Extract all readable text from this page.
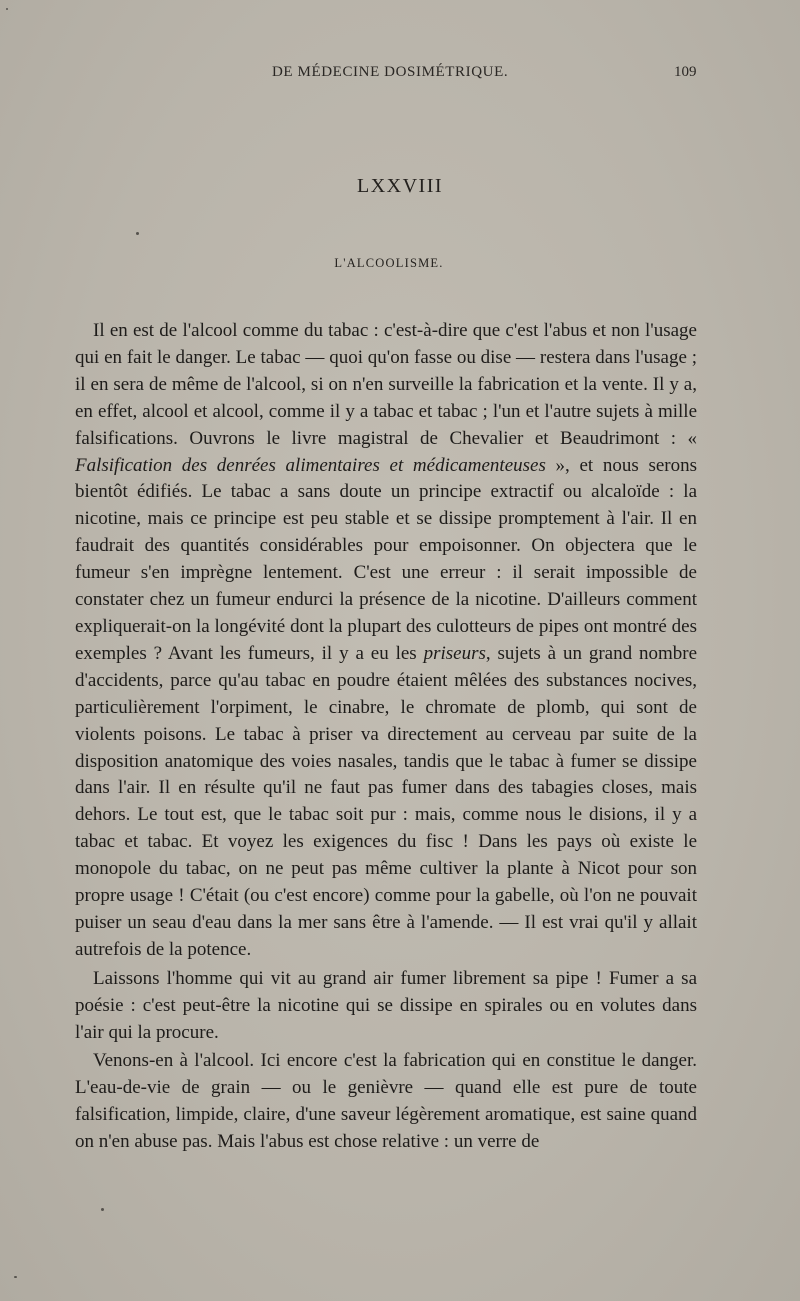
DE MÉDECINE DOSIMÉTRIQUE.	109
LXXVIII
L'ALCOOLISME.

Il en est de l'alcool comme du tabac : c'est-à-dire que c'est l'abus et non l'usage qui en fait le danger. Le tabac — quoi qu'on fasse ou dise — restera dans l'usage ; il en sera de même de l'alcool, si on n'en surveille la fabrication et la vente. Il y a, en effet, alcool et alcool, comme il y a tabac et tabac ; l'un et l'autre sujets à mille falsifications. Ouvrons le livre magistral de Chevalier et Beaudrimont : « Falsification des denrées alimentaires et médicamenteuses », et nous serons bientôt édifiés. Le tabac a sans doute un principe extractif ou alcaloïde : la nicotine, mais ce principe est peu stable et se dissipe promptement à l'air. Il en faudrait des quantités considérables pour empoisonner. On objectera que le fumeur s'en imprègne lentement. C'est une erreur : il serait impossible de constater chez un fumeur endurci la présence de la nicotine. D'ailleurs comment expliquerait-on la longévité dont la plupart des culotteurs de pipes ont montré des exemples ? Avant les fumeurs, il y a eu les priseurs, sujets à un grand nombre d'accidents, parce qu'au tabac en poudre étaient mêlées des substances nocives, particulièrement l'orpiment, le cinabre, le chromate de plomb, qui sont de violents poisons. Le tabac à priser va directement au cerveau par suite de la disposition anatomique des voies nasales, tandis que le tabac à fumer se dissipe dans l'air. Il en résulte qu'il ne faut pas fumer dans des tabagies closes, mais dehors. Le tout est, que le tabac soit pur : mais, comme nous le disions, il y a tabac et tabac. Et voyez les exigences du fisc ! Dans les pays où existe le monopole du tabac, on ne peut pas même cultiver la plante à Nicot pour son propre usage ! C'était (ou c'est encore) comme pour la gabelle, où l'on ne pouvait puiser un seau d'eau dans la mer sans être à l'amende. — Il est vrai qu'il y allait autrefois de la potence.

Laissons l'homme qui vit au grand air fumer librement sa pipe ! Fumer a sa poésie : c'est peut-être la nicotine qui se dissipe en spirales ou en volutes dans l'air qui la procure.

Venons-en à l'alcool. Ici encore c'est la fabrication qui en constitue le danger. L'eau-de-vie de grain — ou le genièvre — quand elle est pure de toute falsification, limpide, claire, d'une saveur légèrement aromatique, est saine quand on n'en abuse pas. Mais l'abus est chose relative : un verre de
